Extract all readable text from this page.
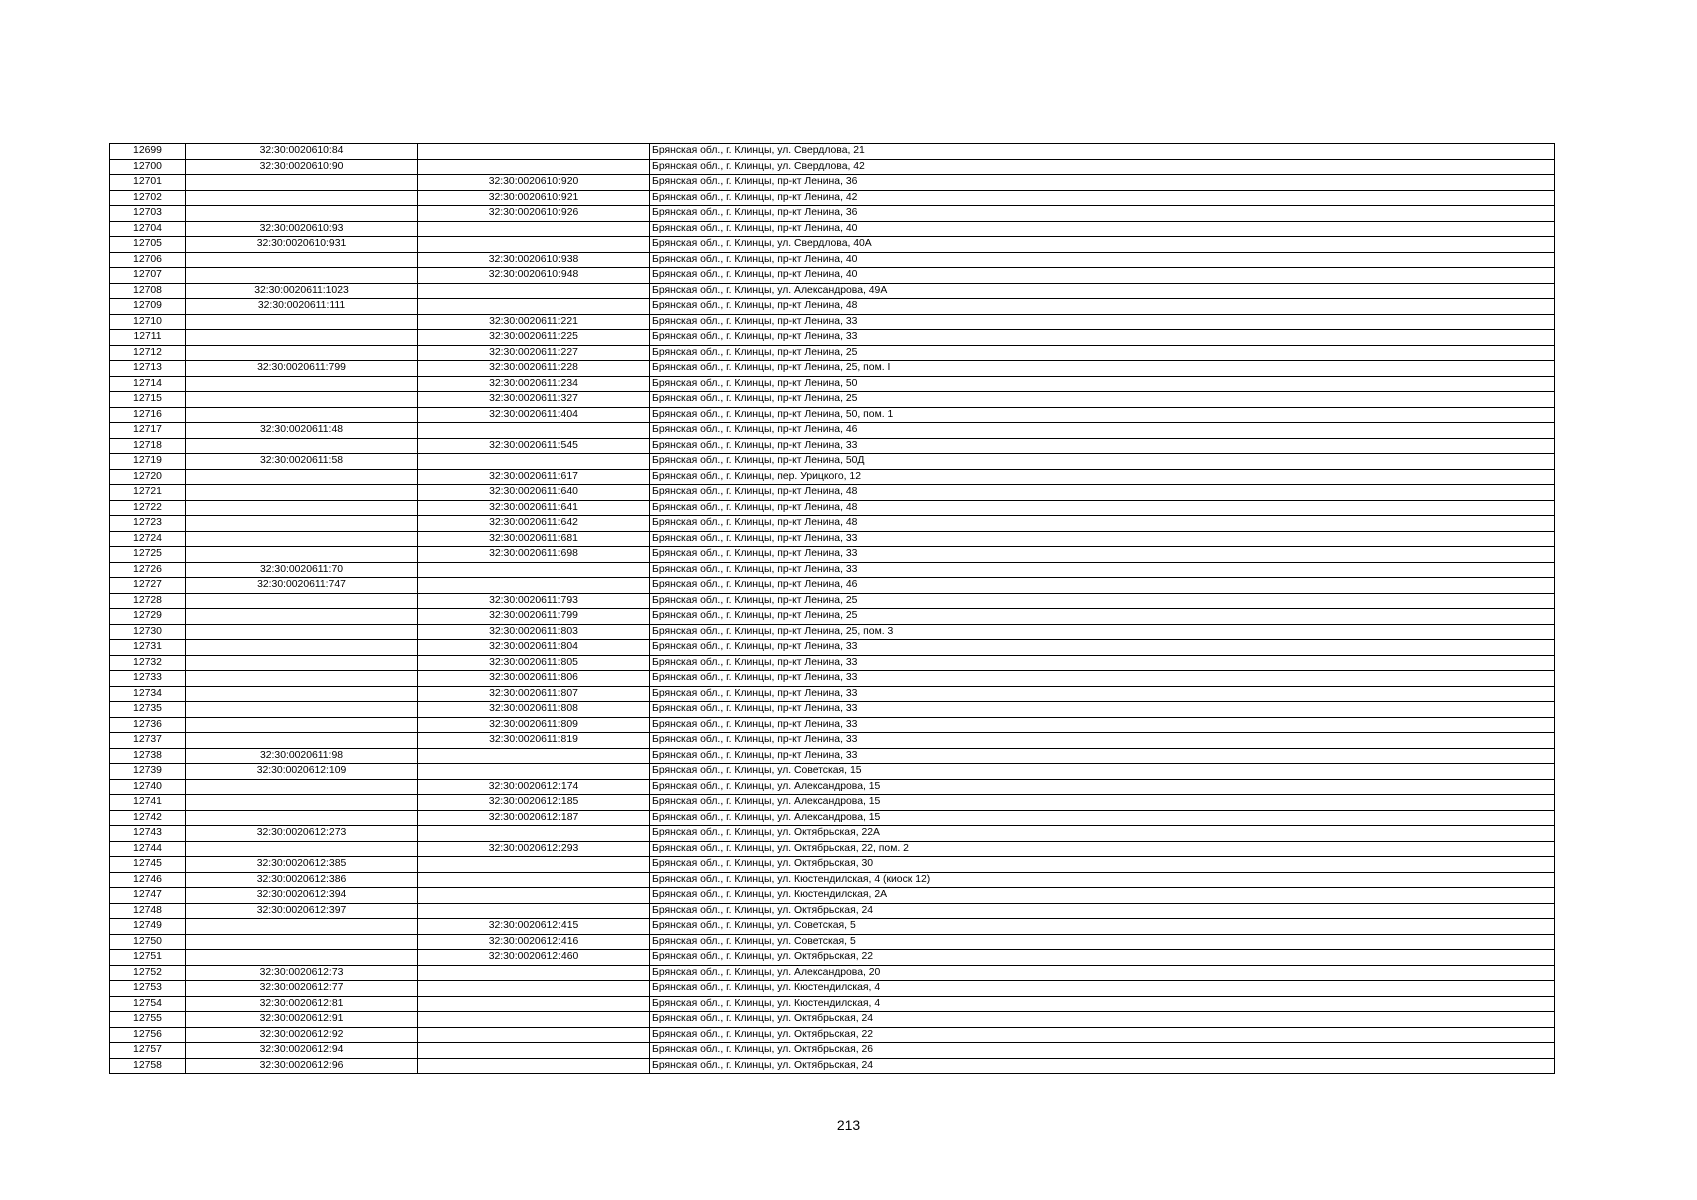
12699	32:30:0020610:84		Брянская обл., г. Клинцы, ул. Свердлова, 21
12700	32:30:0020610:90		Брянская обл., г. Клинцы, ул. Свердлова, 42
12701		32:30:0020610:920	Брянская обл., г. Клинцы, пр-кт Ленина, 36
12702		32:30:0020610:921	Брянская обл., г. Клинцы, пр-кт Ленина, 42
12703		32:30:0020610:926	Брянская обл., г. Клинцы, пр-кт Ленина, 36
12704	32:30:0020610:93		Брянская обл., г. Клинцы, пр-кт Ленина, 40
12705	32:30:0020610:931		Брянская обл., г. Клинцы, ул. Свердлова, 40А
12706		32:30:0020610:938	Брянская обл., г. Клинцы, пр-кт Ленина, 40
12707		32:30:0020610:948	Брянская обл., г. Клинцы, пр-кт Ленина, 40
12708	32:30:0020611:1023		Брянская обл., г. Клинцы, ул. Александрова, 49А
12709	32:30:0020611:111		Брянская обл., г. Клинцы, пр-кт Ленина, 48
12710		32:30:0020611:221	Брянская обл., г. Клинцы, пр-кт Ленина, 33
12711		32:30:0020611:225	Брянская обл., г. Клинцы, пр-кт Ленина, 33
12712		32:30:0020611:227	Брянская обл., г. Клинцы, пр-кт Ленина, 25
12713	32:30:0020611:799	32:30:0020611:228	Брянская обл., г. Клинцы, пр-кт Ленина, 25, пом. I
12714		32:30:0020611:234	Брянская обл., г. Клинцы, пр-кт Ленина, 50
12715		32:30:0020611:327	Брянская обл., г. Клинцы, пр-кт Ленина, 25
12716		32:30:0020611:404	Брянская обл., г. Клинцы, пр-кт Ленина, 50, пом. 1
12717	32:30:0020611:48		Брянская обл., г. Клинцы, пр-кт Ленина, 46
12718		32:30:0020611:545	Брянская обл., г. Клинцы, пр-кт Ленина, 33
12719	32:30:0020611:58		Брянская обл., г. Клинцы, пр-кт Ленина, 50Д
12720		32:30:0020611:617	Брянская обл., г. Клинцы, пер. Урицкого, 12
12721		32:30:0020611:640	Брянская обл., г. Клинцы, пр-кт Ленина, 48
12722		32:30:0020611:641	Брянская обл., г. Клинцы, пр-кт Ленина, 48
12723		32:30:0020611:642	Брянская обл., г. Клинцы, пр-кт Ленина, 48
12724		32:30:0020611:681	Брянская обл., г. Клинцы, пр-кт Ленина, 33
12725		32:30:0020611:698	Брянская обл., г. Клинцы, пр-кт Ленина, 33
12726	32:30:0020611:70		Брянская обл., г. Клинцы, пр-кт Ленина, 33
12727	32:30:0020611:747		Брянская обл., г. Клинцы, пр-кт Ленина, 46
12728		32:30:0020611:793	Брянская обл., г. Клинцы, пр-кт Ленина, 25
12729		32:30:0020611:799	Брянская обл., г. Клинцы, пр-кт Ленина, 25
12730		32:30:0020611:803	Брянская обл., г. Клинцы, пр-кт Ленина, 25, пом. 3
12731		32:30:0020611:804	Брянская обл., г. Клинцы, пр-кт Ленина, 33
12732		32:30:0020611:805	Брянская обл., г. Клинцы, пр-кт Ленина, 33
12733		32:30:0020611:806	Брянская обл., г. Клинцы, пр-кт Ленина, 33
12734		32:30:0020611:807	Брянская обл., г. Клинцы, пр-кт Ленина, 33
12735		32:30:0020611:808	Брянская обл., г. Клинцы, пр-кт Ленина, 33
12736		32:30:0020611:809	Брянская обл., г. Клинцы, пр-кт Ленина, 33
12737		32:30:0020611:819	Брянская обл., г. Клинцы, пр-кт Ленина, 33
12738	32:30:0020611:98		Брянская обл., г. Клинцы, пр-кт Ленина, 33
12739	32:30:0020612:109		Брянская обл., г. Клинцы, ул. Советская, 15
12740		32:30:0020612:174	Брянская обл., г. Клинцы, ул. Александрова, 15
12741		32:30:0020612:185	Брянская обл., г. Клинцы, ул. Александрова, 15
12742		32:30:0020612:187	Брянская обл., г. Клинцы, ул. Александрова, 15
12743	32:30:0020612:273		Брянская обл., г. Клинцы, ул. Октябрьская, 22А
12744		32:30:0020612:293	Брянская обл., г. Клинцы, ул. Октябрьская, 22, пом. 2
12745	32:30:0020612:385		Брянская обл., г. Клинцы, ул. Октябрьская, 30
12746	32:30:0020612:386		Брянская обл., г. Клинцы, ул. Кюстендилская, 4 (киоск 12)
12747	32:30:0020612:394		Брянская обл., г. Клинцы, ул. Кюстендилская, 2А
12748	32:30:0020612:397		Брянская обл., г. Клинцы, ул. Октябрьская, 24
12749		32:30:0020612:415	Брянская обл., г. Клинцы, ул. Советская, 5
12750		32:30:0020612:416	Брянская обл., г. Клинцы, ул. Советская, 5
12751		32:30:0020612:460	Брянская обл., г. Клинцы, ул. Октябрьская, 22
12752	32:30:0020612:73		Брянская обл., г. Клинцы, ул. Александрова, 20
12753	32:30:0020612:77		Брянская обл., г. Клинцы, ул. Кюстендилская, 4
12754	32:30:0020612:81		Брянская обл., г. Клинцы, ул. Кюстендилская, 4
12755	32:30:0020612:91		Брянская обл., г. Клинцы, ул. Октябрьская, 24
12756	32:30:0020612:92		Брянская обл., г. Клинцы, ул. Октябрьская, 22
12757	32:30:0020612:94		Брянская обл., г. Клинцы, ул. Октябрьская, 26
12758	32:30:0020612:96		Брянская обл., г. Клинцы, ул. Октябрьская, 24
213
